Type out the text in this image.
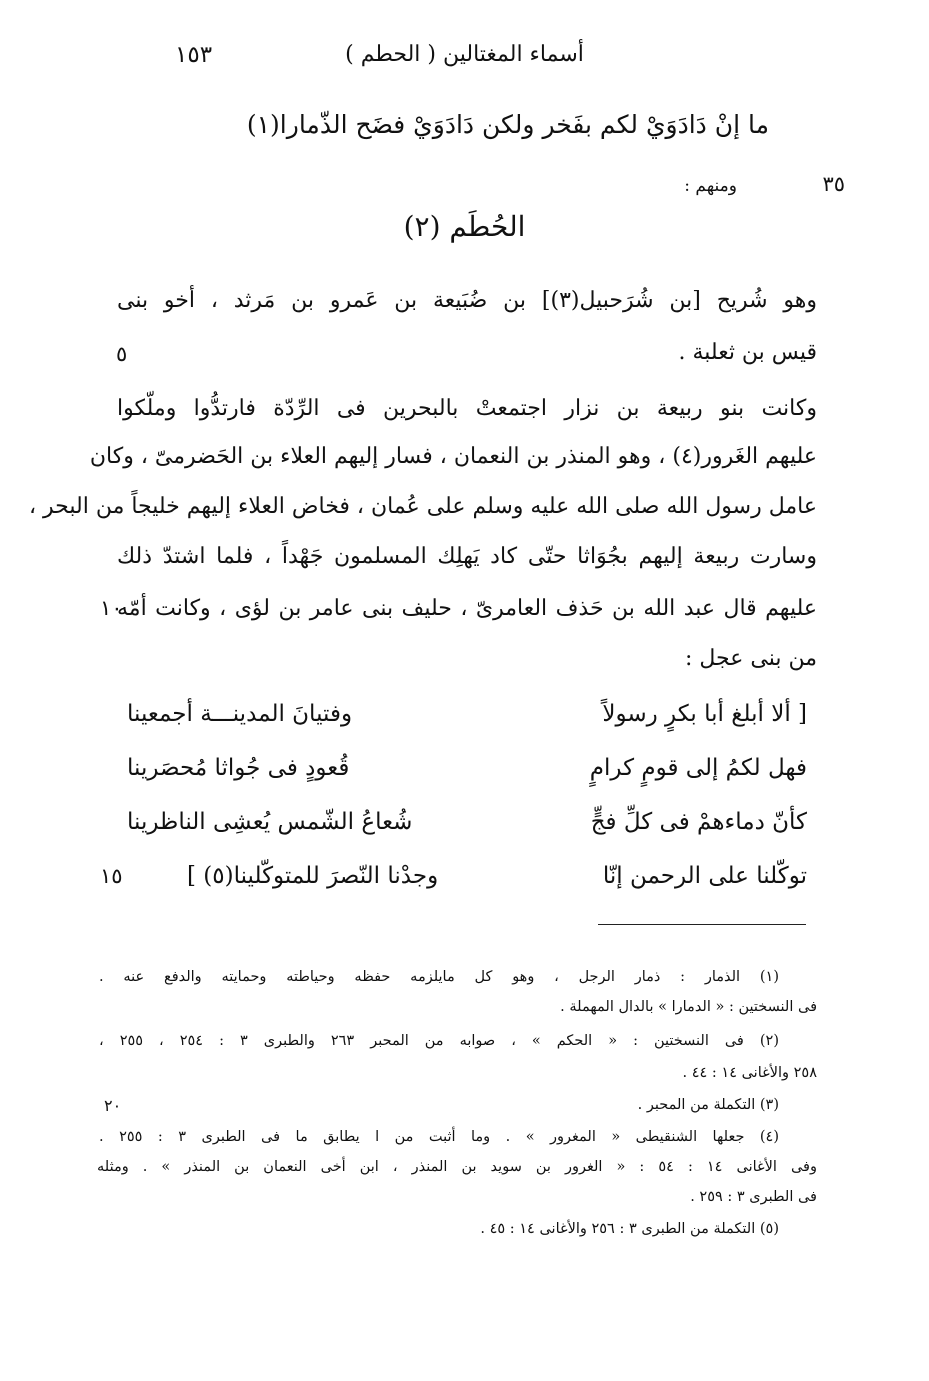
أسماء المغتالين ( الحطم )
١٥٣
ما إنْ دَادَوَيْ لكم بفَخر ولكن دَادَوَيْ فضَح الذّمارا(١)
٣٥
ومنهم :
الحُطَم (٢)
وهو شُريح [بن شُرَحبيل(٣)] بن ضُبَيعة بن عَمرو بن مَرثد ، أخو بنى
قيس بن ثعلبة .
٥
وكانت بنو ربيعة بن نزار اجتمعتْ بالبحرين فى الرِّدّة فارتدُّوا وملّكوا
عليهم الغَرور(٤) ، وهو المنذر بن النعمان ، فسار إليهم العلاء بن الحَضرمىّ ، وكان
عامل رسول الله صلى الله عليه وسلم على عُمان ، فخاض العلاء إليهم خليجاً من البحر ،
وسارت ربيعة إليهم بجُوَاثا حتّى كاد يَهلِك المسلمون جَهْداً ، فلما اشتدّ ذلك
عليهم قال عبد الله بن حَذف العامرىّ ، حليف بنى عامر بن لؤى ، وكانت أمّه
١٠
من بنى عجل :
[ ألا أبلغ أبا بكرٍ رسولاً
وفتيانَ المدينـــة أجمعينا
فهل لكمُ إلى قومٍ كرامٍ
قُعودٍ فى جُواثا مُحصَرينا
كأنّ دماءهمْ فى كلِّ فجٍّ
شُعاعُ الشّمس يُعشِى الناظرينا
توكّلنا على الرحمن إنّا
وجدْنا النّصرَ للمتوكّلينا(٥) ]
١٥
(١) الذمار : ذمار الرجل ، وهو كل مايلزمه حفظه وحياطته وحمايته والدفع عنه .
فى النسختين : « الدمارا » بالدال المهملة .
(٢) فى النسختين : « الحكم » ، صوابه من المحبر ٢٦٣ والطبرى ٣ : ٢٥٤ ، ٢٥٥ ،
٢٥٨ والأغانى ١٤ : ٤٤ .
(٣) التكملة من المحبر .
٢٠
(٤) جعلها الشنقيطى « المغرور » . وما أثبت من ا يطابق ما فى الطبرى ٣ : ٢٥٥ .
وفى الأغانى ١٤ : ٥٤ : « الغرور بن سويد بن المنذر ، ابن أخى النعمان بن المنذر » . ومثله
فى الطبرى ٣ : ٢٥٩ .
(٥) التكملة من الطبرى ٣ : ٢٥٦ والأغانى ١٤ : ٤٥ .
